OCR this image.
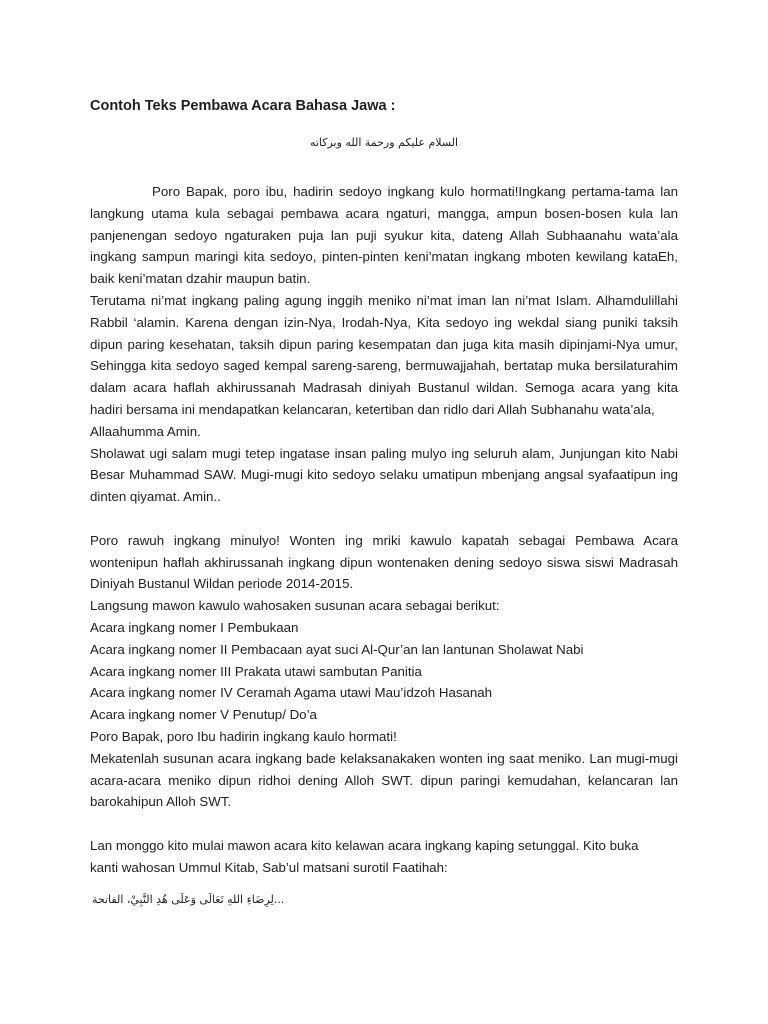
Contoh Teks Pembawa Acara Bahasa Jawa :
السلام عليكم ورحمة الله وبركاته

Poro Bapak, poro ibu, hadirin sedoyo ingkang kulo hormati!Ingkang pertama-tama lan langkung utama kula sebagai pembawa acara ngaturi, mangga, ampun bosen-bosen kula lan panjenengan sedoyo ngaturaken puja lan puji syukur kita, dateng Allah Subhaanahu wata’ala ingkang sampun maringi kita sedoyo, pinten-pinten keni’matan ingkang mboten kewilang kataEh, baik keni’matan dzahir maupun batin.

Terutama ni’mat ingkang paling agung inggih meniko ni’mat iman lan ni’mat Islam. Alhamdulillahi Rabbil ‘alamin. Karena dengan izin-Nya, Irodah-Nya, Kita sedoyo ing wekdal siang puniki taksih dipun paring kesehatan, taksih dipun paring kesempatan dan juga kita masih dipinjami-Nya umur, Sehingga kita sedoyo saged kempal sareng-sareng, bermuwajjahah, bertatap muka bersilaturahim dalam acara haflah akhirussanah Madrasah diniyah Bustanul wildan. Semoga acara yang kita hadiri bersama ini mendapatkan kelancaran, ketertiban dan ridlo dari Allah Subhanahu wata’ala,

Allaahumma Amin.

Sholawat ugi salam mugi tetep ingatase insan paling mulyo ing seluruh alam, Junjungan kito Nabi Besar Muhammad SAW. Mugi-mugi kito sedoyo selaku umatipun mbenjang angsal syafaatipun ing dinten qiyamat. Amin..

Poro rawuh ingkang minulyo! Wonten ing mriki kawulo kapatah sebagai Pembawa Acara wontenipun haflah akhirussanah ingkang dipun wontenaken dening sedoyo siswa siswi Madrasah Diniyah Bustanul Wildan periode 2014-2015.

Langsung mawon kawulo wahosaken susunan acara sebagai berikut:

Acara ingkang nomer I Pembukaan

Acara ingkang nomer II Pembacaan ayat suci Al-Qur’an lan lantunan Sholawat Nabi

Acara ingkang nomer III Prakata utawi sambutan Panitia

Acara ingkang nomer IV Ceramah Agama utawi Mau’idzoh Hasanah

Acara ingkang nomer V Penutup/ Do’a

Poro Bapak, poro Ibu hadirin ingkang kaulo hormati!

Mekatenlah susunan acara ingkang bade kelaksanakaken wonten ing saat meniko. Lan mugi-mugi acara-acara meniko dipun ridhoi dening Alloh SWT. dipun paringi kemudahan, kelancaran lan barokahipun Alloh SWT.

Lan monggo kito mulai mawon acara kito kelawan acara ingkang kaping setunggal. Kito buka

kanti wahosan Ummul Kitab, Sab’ul matsani surotil Faatihah:

لِرِضَاءِ اللهِ تَعَالَى وَعَلَى هُدِ النَّبِيْ، الفاتحة...
